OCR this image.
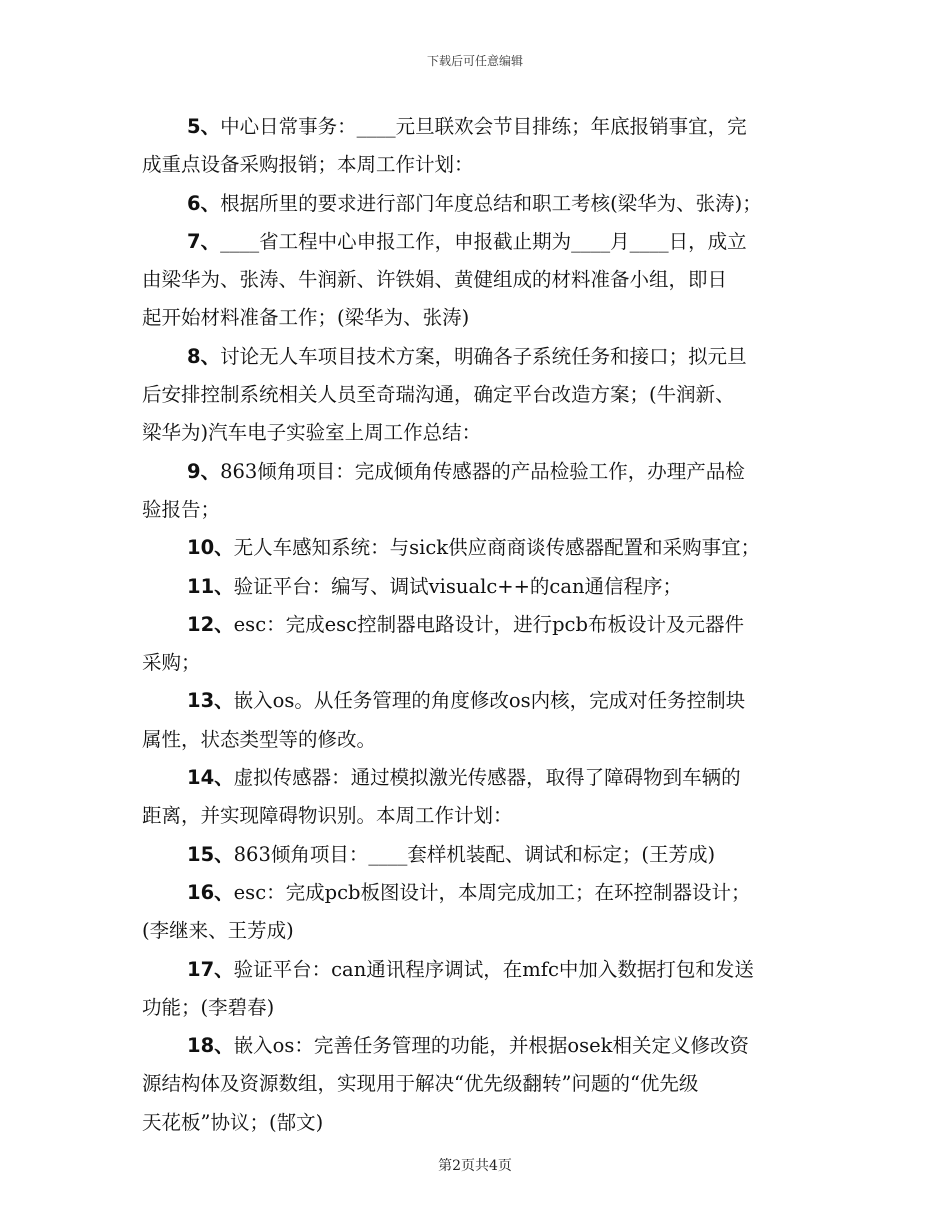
下载后可任意编辑
5、中心日常事务：____元旦联欢会节目排练；年底报销事宜，完
成重点设备采购报销；本周工作计划：
6、根据所里的要求进行部门年度总结和职工考核(梁华为、张涛)；
7、____省工程中心申报工作，申报截止期为____月____日，成立
由梁华为、张涛、牛润新、许铁娟、黄健组成的材料准备小组，即日
起开始材料准备工作；(梁华为、张涛)
8、讨论无人车项目技术方案，明确各子系统任务和接口；拟元旦
后安排控制系统相关人员至奇瑞沟通，确定平台改造方案；(牛润新、
梁华为)汽车电子实验室上周工作总结：
9、863倾角项目：完成倾角传感器的产品检验工作，办理产品检
验报告；
10、无人车感知系统：与sick供应商商谈传感器配置和采购事宜；
11、验证平台：编写、调试visualc++的can通信程序；
12、esc：完成esc控制器电路设计，进行pcb布板设计及元器件
采购；
13、嵌入os。从任务管理的角度修改os内核，完成对任务控制块
属性，状态类型等的修改。
14、虚拟传感器：通过模拟激光传感器，取得了障碍物到车辆的
距离，并实现障碍物识别。本周工作计划：
15、863倾角项目：____套样机装配、调试和标定；(王芳成)
16、esc：完成pcb板图设计，本周完成加工；在环控制器设计；
(李继来、王芳成)
17、验证平台：can通讯程序调试，在mfc中加入数据打包和发送
功能；(李碧春)
18、嵌入os：完善任务管理的功能，并根据osek相关定义修改资
源结构体及资源数组，实现用于解决“优先级翻转”问题的“优先级
天花板”协议；(郜文)
第2页共4页
